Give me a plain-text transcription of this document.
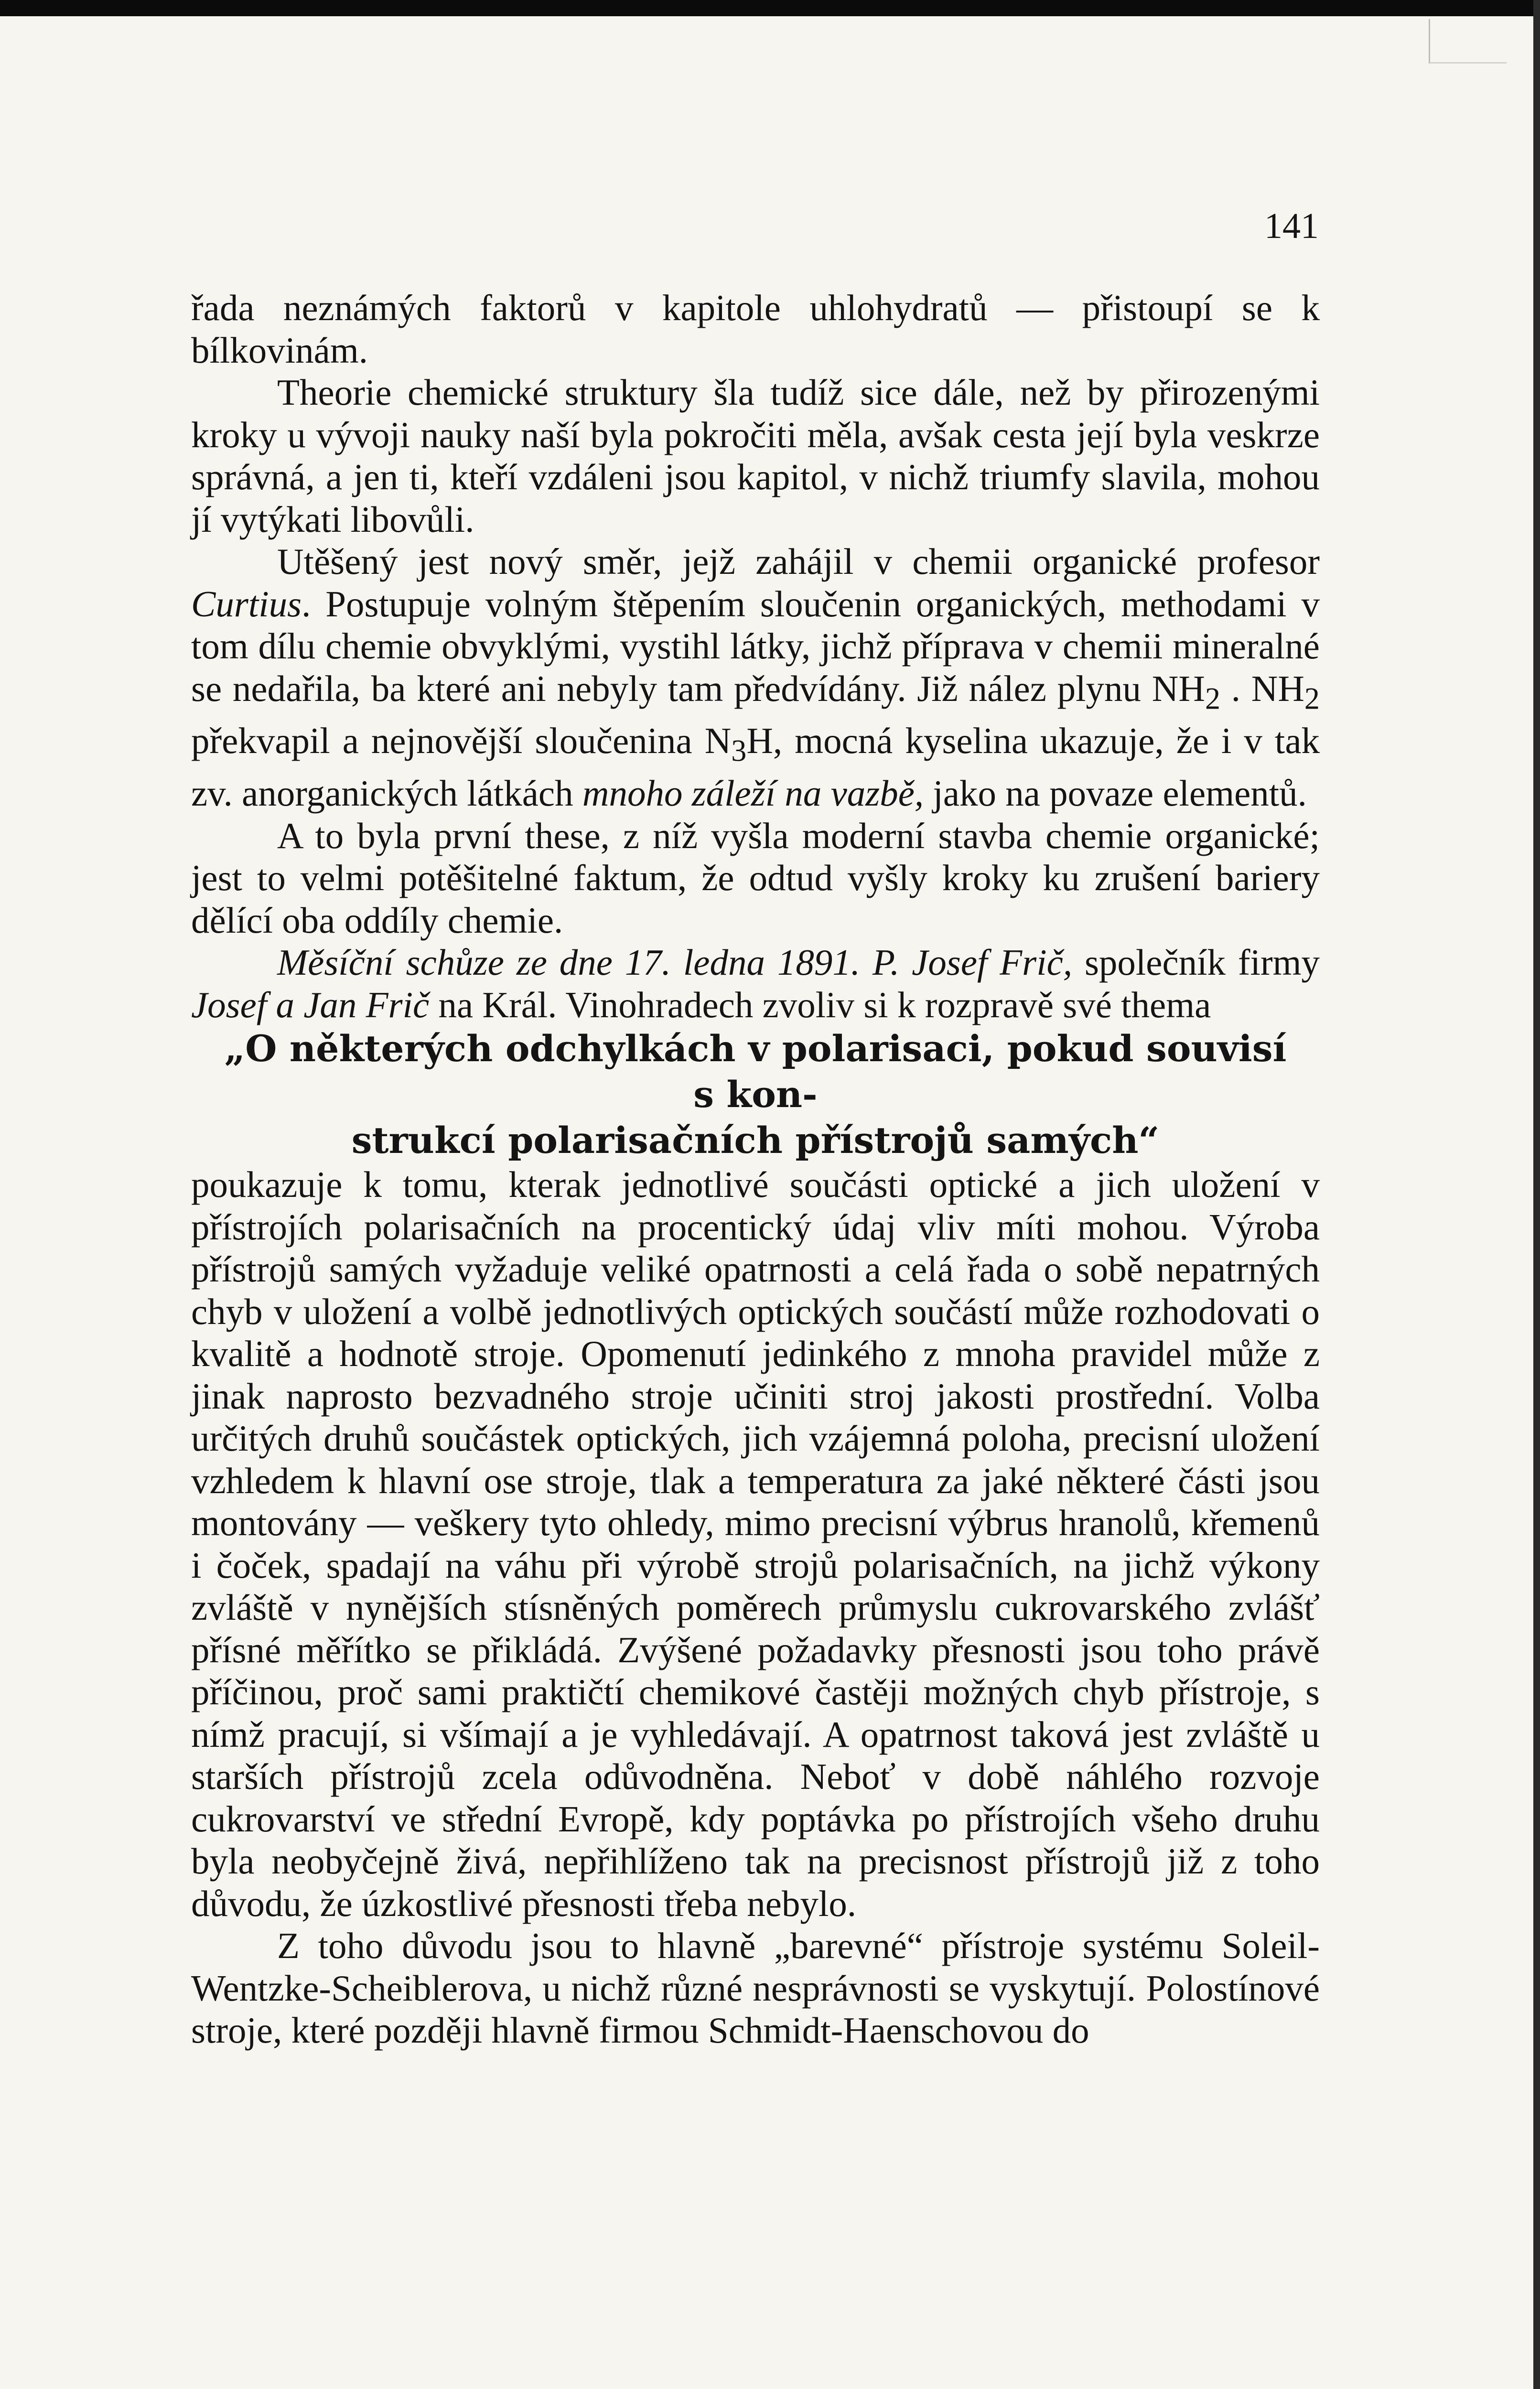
141

řada neznámých faktorů v kapitole uhlohydratů — přistoupí se k bílkovinám.

Theorie chemické struktury šla tudíž sice dále, než by přirozenými kroky u vývoji nauky naší byla pokročiti měla, avšak cesta její byla veskrze správná, a jen ti, kteří vzdáleni jsou kapitol, v nichž triumfy slavila, mohou jí vytýkati libovůli.

Utěšený jest nový směr, jejž zahájil v chemii organické profesor Curtius. Postupuje volným štěpením sloučenin organických, methodami v tom dílu chemie obvyklými, vystihl látky, jichž příprava v chemii mineralné se nedařila, ba které ani nebyly tam předvídány. Již nález plynu $NH_2$ . $NH_2$ překvapil a nejnovější sloučenina $N_3H$, mocná kyselina ukazuje, že i v tak zv. anorganických látkách mnoho záleží na vazbě, jako na povaze elementů.

A to byla první these, z níž vyšla moderní stavba chemie organické; jest to velmi potěšitelné faktum, že odtud vyšly kroky ku zrušení bariery dělící oba oddíly chemie.

Měsíční schůze ze dne 17. ledna 1891. P. Josef Frič, společník firmy Josef a Jan Frič na Král. Vinohradech zvoliv si k rozpravě své thema

„O některých odchylkách v polarisaci, pokud souvisí s kon-
strukcí polarisačních přístrojů samých“

poukazuje k tomu, kterak jednotlivé součásti optické a jich uložení v přístrojích polarisačních na procentický údaj vliv míti mohou. Výroba přístrojů samých vyžaduje veliké opatrnosti a celá řada o sobě nepatrných chyb v uložení a volbě jednotlivých optických součástí může rozhodovati o kvalitě a hodnotě stroje. Opomenutí jedinkého z mnoha pravidel může z jinak naprosto bezvadného stroje učiniti stroj jakosti prostřední. Volba určitých druhů součástek optických, jich vzájemná poloha, precisní uložení vzhledem k hlavní ose stroje, tlak a temperatura za jaké některé části jsou montovány — veškery tyto ohledy, mimo precisní výbrus hranolů, křemenů i čoček, spadají na váhu při výrobě strojů polarisačních, na jichž výkony zvláště v nynějších stísněných poměrech průmyslu cukrovarského zvlášť přísné měřítko se přikládá. Zvýšené požadavky přesnosti jsou toho právě příčinou, proč sami praktičtí chemikové častěji možných chyb přístroje, s nímž pracují, si všímají a je vyhledávají. A opatrnost taková jest zvláště u starších přístrojů zcela odůvodněna. Neboť v době náhlého rozvoje cukrovarství ve střední Evropě, kdy poptávka po přístrojích všeho druhu byla neobyčejně živá, nepřihlíženo tak na precisnost přístrojů již z toho důvodu, že úzkostlivé přesnosti třeba nebylo.

Z toho důvodu jsou to hlavně „barevné“ přístroje systému Soleil-Wentzke-Scheiblerova, u nichž různé nesprávnosti se vyskytují. Polostínové stroje, které později hlavně firmou Schmidt-Haenschovou do
